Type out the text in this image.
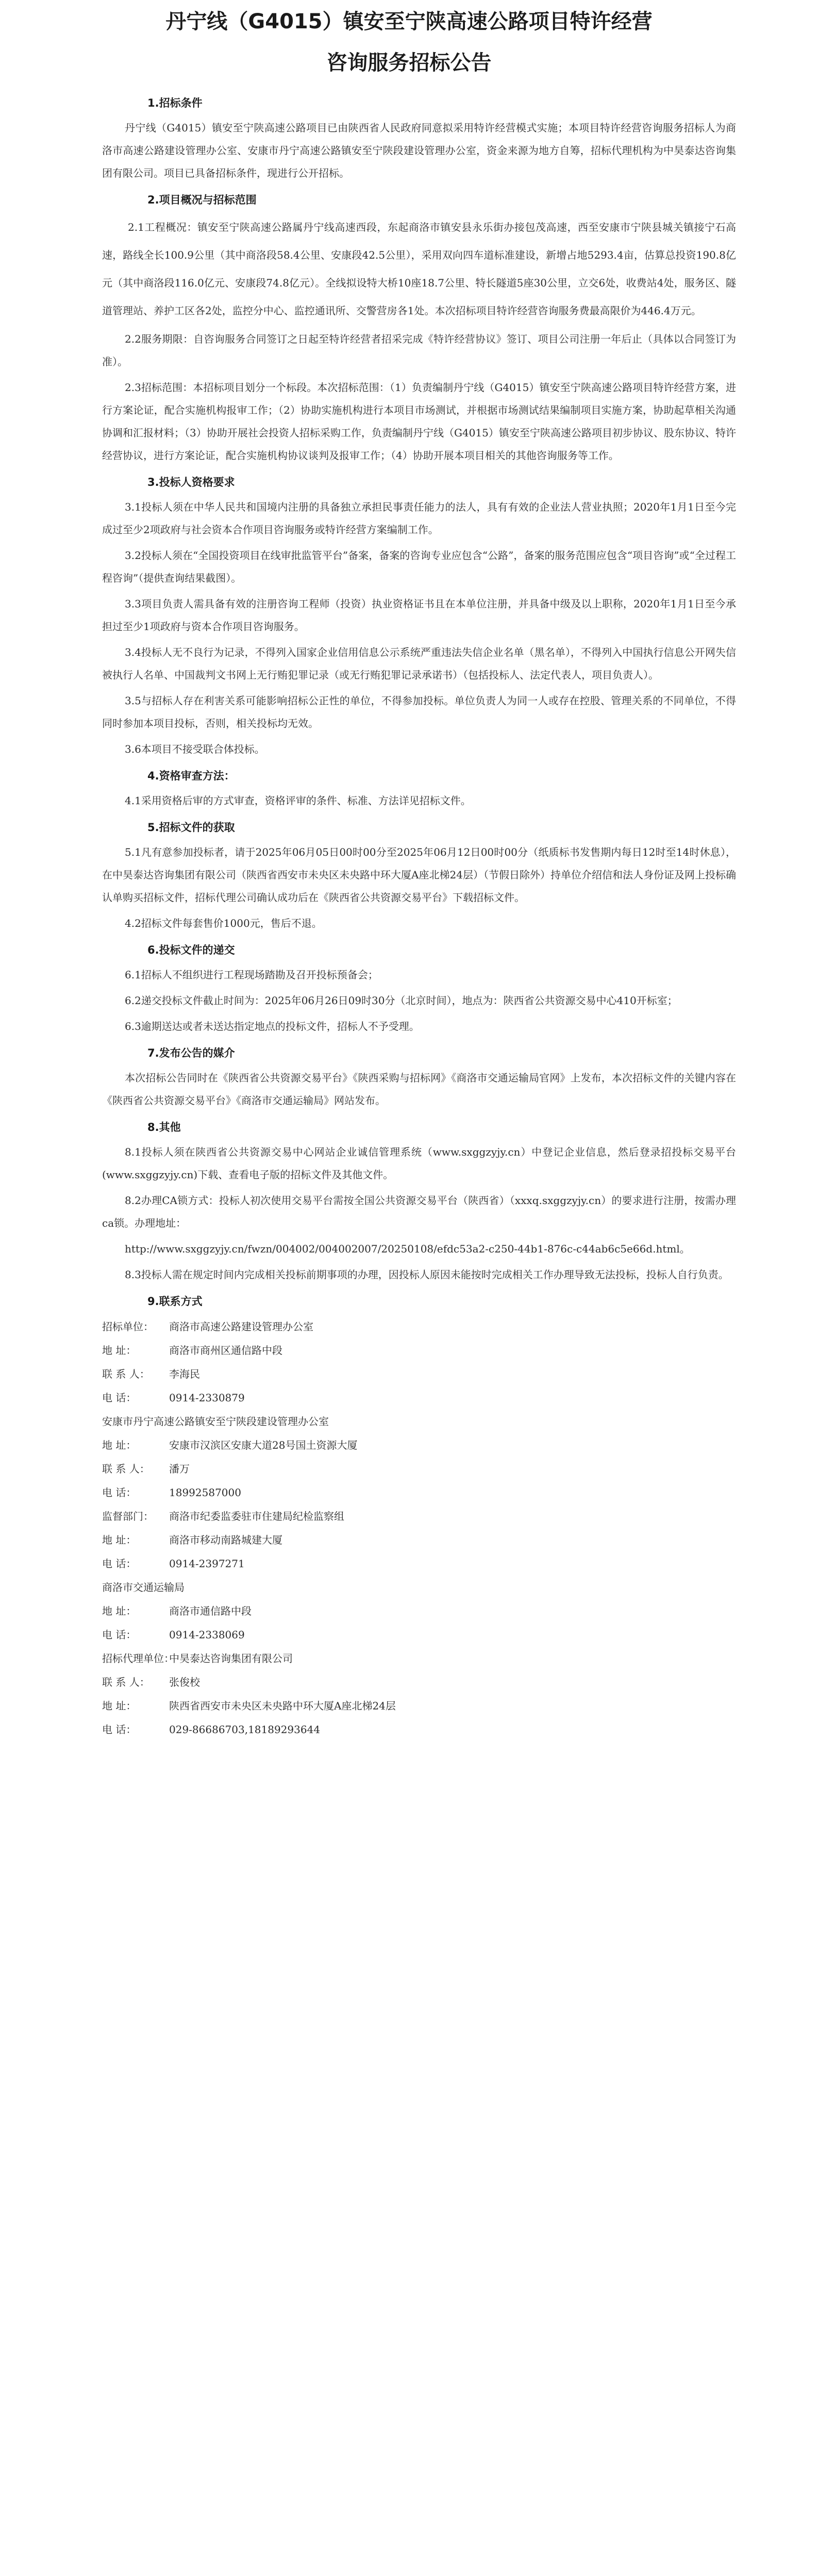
丹宁线（G4015）镇安至宁陕高速公路项目特许经营
咨询服务招标公告
1.招标条件

丹宁线（G4015）镇安至宁陕高速公路项目已由陕西省人民政府同意拟采用特许经营模式实施；本项目特许经营咨询服务招标人为商洛市高速公路建设管理办公室、安康市丹宁高速公路镇安至宁陕段建设管理办公室，资金来源为地方自筹，招标代理机构为中昊泰达咨询集团有限公司。项目已具备招标条件，现进行公开招标。

2.项目概况与招标范围

2.1工程概况：镇安至宁陕高速公路属丹宁线高速西段，东起商洛市镇安县永乐街办接包茂高速，西至安康市宁陕县城关镇接宁石高速，路线全长100.9公里（其中商洛段58.4公里、安康段42.5公里），采用双向四车道标准建设，新增占地5293.4亩，估算总投资190.8亿元（其中商洛段116.0亿元、安康段74.8亿元）。全线拟设特大桥10座18.7公里、特长隧道5座30公里，立交6处，收费站4处，服务区、隧道管理站、养护工区各2处，监控分中心、监控通讯所、交警营房各1处。本次招标项目特许经营咨询服务费最高限价为446.4万元。

2.2服务期限：自咨询服务合同签订之日起至特许经营者招采完成《特许经营协议》签订、项目公司注册一年后止（具体以合同签订为准）。

2.3招标范围：本招标项目划分一个标段。本次招标范围：（1）负责编制丹宁线（G4015）镇安至宁陕高速公路项目特许经营方案，进行方案论证，配合实施机构报审工作；（2）协助实施机构进行本项目市场测试，并根据市场测试结果编制项目实施方案，协助起草相关沟通协调和汇报材料；（3）协助开展社会投资人招标采购工作，负责编制丹宁线（G4015）镇安至宁陕高速公路项目初步协议、股东协议、特许经营协议，进行方案论证，配合实施机构协议谈判及报审工作；（4）协助开展本项目相关的其他咨询服务等工作。

3.投标人资格要求

3.1投标人须在中华人民共和国境内注册的具备独立承担民事责任能力的法人，具有有效的企业法人营业执照；2020年1月1日至今完成过至少2项政府与社会资本合作项目咨询服务或特许经营方案编制工作。

3.2投标人须在“全国投资项目在线审批监管平台”备案，备案的咨询专业应包含“公路”，备案的服务范围应包含“项目咨询”或“全过程工程咨询”（提供查询结果截图）。

3.3项目负责人需具备有效的注册咨询工程师（投资）执业资格证书且在本单位注册，并具备中级及以上职称，2020年1月1日至今承担过至少1项政府与资本合作项目咨询服务。

3.4投标人无不良行为记录，不得列入国家企业信用信息公示系统严重违法失信企业名单（黑名单），不得列入中国执行信息公开网失信被执行人名单、中国裁判文书网上无行贿犯罪记录（或无行贿犯罪记录承诺书）（包括投标人、法定代表人，项目负责人）。

3.5与招标人存在利害关系可能影响招标公正性的单位，不得参加投标。单位负责人为同一人或存在控股、管理关系的不同单位，不得同时参加本项目投标，否则，相关投标均无效。

3.6本项目不接受联合体投标。

4.资格审查方法：

4.1采用资格后审的方式审查，资格评审的条件、标准、方法详见招标文件。

5.招标文件的获取

5.1凡有意参加投标者，请于2025年06月05日00时00分至2025年06月12日00时00分（纸质标书发售期内每日12时至14时休息），在中昊泰达咨询集团有限公司（陕西省西安市未央区未央路中环大厦A座北梯24层）（节假日除外）持单位介绍信和法人身份证及网上投标确认单购买招标文件，招标代理公司确认成功后在《陕西省公共资源交易平台》下载招标文件。

4.2招标文件每套售价1000元，售后不退。

6.投标文件的递交

6.1招标人不组织进行工程现场踏勘及召开投标预备会；

6.2递交投标文件截止时间为：2025年06月26日09时30分（北京时间），地点为：陕西省公共资源交易中心410开标室；

6.3逾期送达或者未送达指定地点的投标文件，招标人不予受理。

7.发布公告的媒介

本次招标公告同时在《陕西省公共资源交易平台》《陕西采购与招标网》《商洛市交通运输局官网》上发布，本次招标文件的关键内容在《陕西省公共资源交易平台》《商洛市交通运输局》网站发布。

8.其他

8.1投标人须在陕西省公共资源交易中心网站企业诚信管理系统（www.sxggzyjy.cn）中登记企业信息，然后登录招投标交易平台(www.sxggzyjy.cn)下载、查看电子版的招标文件及其他文件。

8.2办理CA锁方式：投标人初次使用交易平台需按全国公共资源交易平台（陕西省）（xxxq.sxggzyjy.cn）的要求进行注册，按需办理ca锁。办理地址：

http://www.sxggzyjy.cn/fwzn/004002/004002007/20250108/efdc53a2-c250-44b1-876c-c44ab6c5e66d.html。

8.3投标人需在规定时间内完成相关投标前期事项的办理，因投标人原因未能按时完成相关工作办理导致无法投标，投标人自行负责。

9.联系方式
招标单位：	商洛市高速公路建设管理办公室
地 址：	商洛市商州区通信路中段
联 系 人：	李海民
电 话：	0914-2330879
安康市丹宁高速公路镇安至宁陕段建设管理办公室
地 址：	安康市汉滨区安康大道28号国土资源大厦
联 系 人：	潘万
电 话：	18992587000
监督部门：	商洛市纪委监委驻市住建局纪检监察组
地 址：	商洛市移动南路城建大厦
电 话：	0914-2397271
商洛市交通运输局
地 址：	商洛市通信路中段
电 话：	0914-2338069
招标代理单位：
中昊泰达咨询集团有限公司
联 系 人：	张俊校
地 址：	陕西省西安市未央区未央路中环大厦A座北梯24层
电 话：	029-86686703,18189293644
